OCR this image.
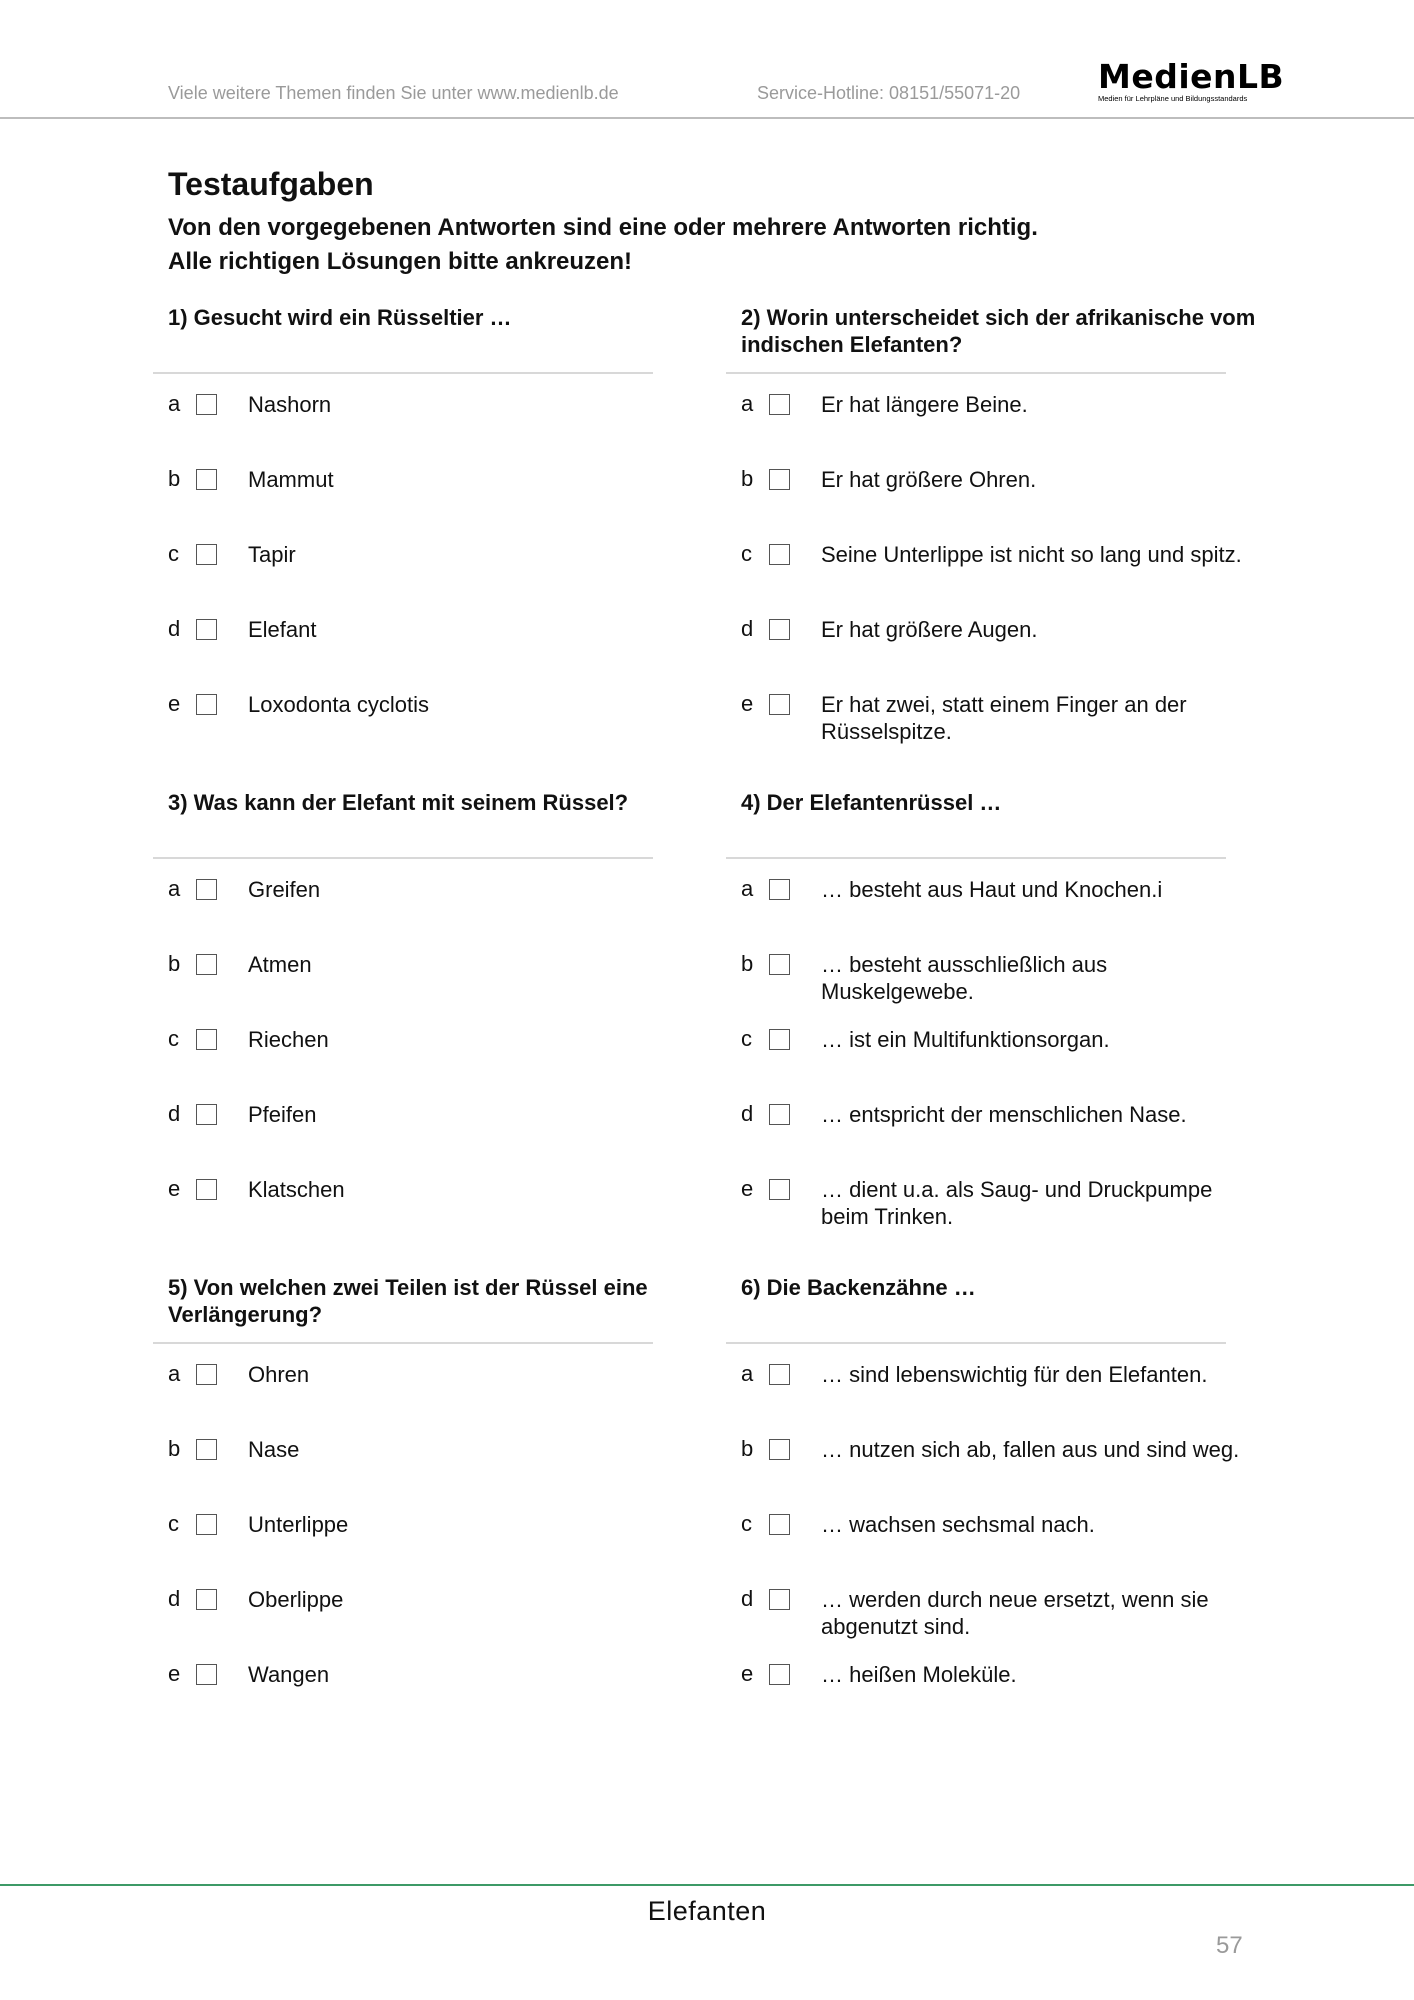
Viele weitere Themen finden Sie unter www.medienlb.de	Service-Hotline: 08151/55071-20 MedienLB
Medien für Lehrpläne und Bildungsstandards
Testaufgaben
Von den vorgegebenen Antworten sind eine oder mehrere Antworten richtig.
Alle richtigen Lösungen bitte ankreuzen!
1) Gesucht wird ein Rüsseltier …
a	Nashorn
b	Mammut
c	Tapir
d	Elefant
e	Loxodonta cyclotis
2) Worin unterscheidet sich der afrikanische vom indischen Elefanten?
a	Er hat längere Beine.
b	Er hat größere Ohren.
c	Seine Unterlippe ist nicht so lang und spitz.
d	Er hat größere Augen.
e	Er hat zwei, statt einem Finger an der Rüsselspitze.
3) Was kann der Elefant mit seinem Rüssel?
a	Greifen
b	Atmen
c	Riechen
d	Pfeifen
e	Klatschen
4) Der Elefantenrüssel …
a	… besteht aus Haut und Knochen.i
b	… besteht ausschließlich aus Muskelgewebe.
c	… ist ein Multifunktionsorgan.
d	… entspricht der menschlichen Nase.
e	… dient u.a. als Saug- und Druckpumpe beim Trinken.
5) Von welchen zwei Teilen ist der Rüssel eine Verlängerung?
a	Ohren
b	Nase
c	Unterlippe
d	Oberlippe
e	Wangen
6) Die Backenzähne …
a	… sind lebenswichtig für den Elefanten.
b	… nutzen sich ab, fallen aus und sind weg.
c	… wachsen sechsmal nach.
d	… werden durch neue ersetzt, wenn sie abgenutzt sind.
e	… heißen Moleküle.
Elefanten
57
